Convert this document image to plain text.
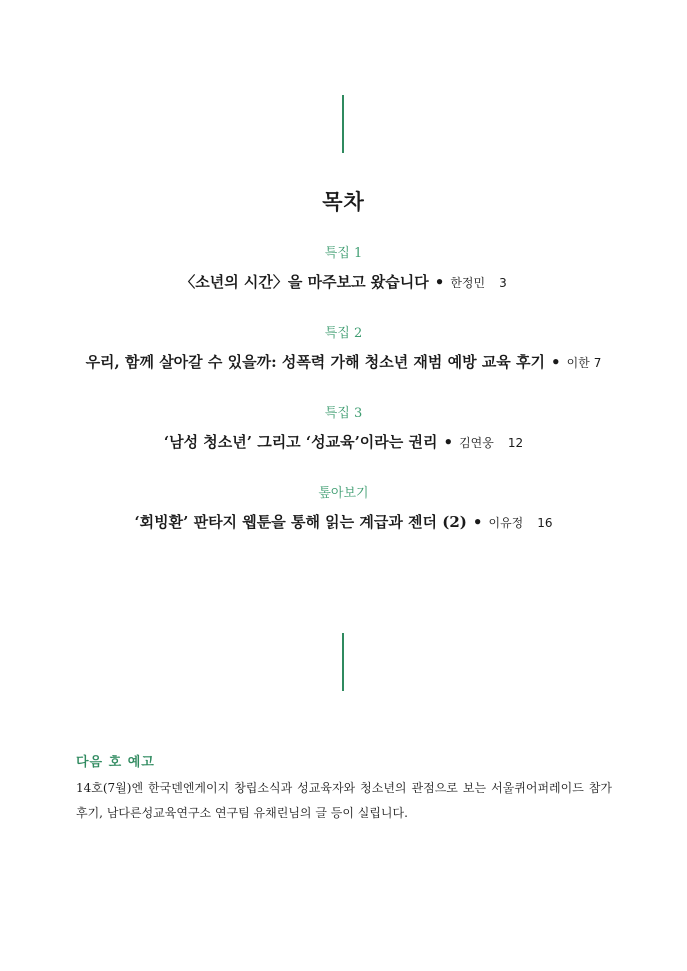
목차
특집 1
〈소년의 시간〉을 마주보고 왔습니다 • 한정민 3
특집 2
우리, 함께 살아갈 수 있을까: 성폭력 가해 청소년 재범 예방 교육 후기 • 이한 7
특집 3
‘남성 청소년’ 그리고 ‘성교육’이라는 권리 • 김연웅 12
톺아보기
‘회빙환’ 판타지 웹툰을 통해 읽는 계급과 젠더 (2) • 이유정 16
다음 호 예고
14호(7월)엔 한국덴엔게이지 창립소식과 성교육자와 청소년의 관점으로 보는 서울퀴어퍼레이드 참가 후기, 남다른성교육연구소 연구팀 유채린님의 글 등이 실립니다.
